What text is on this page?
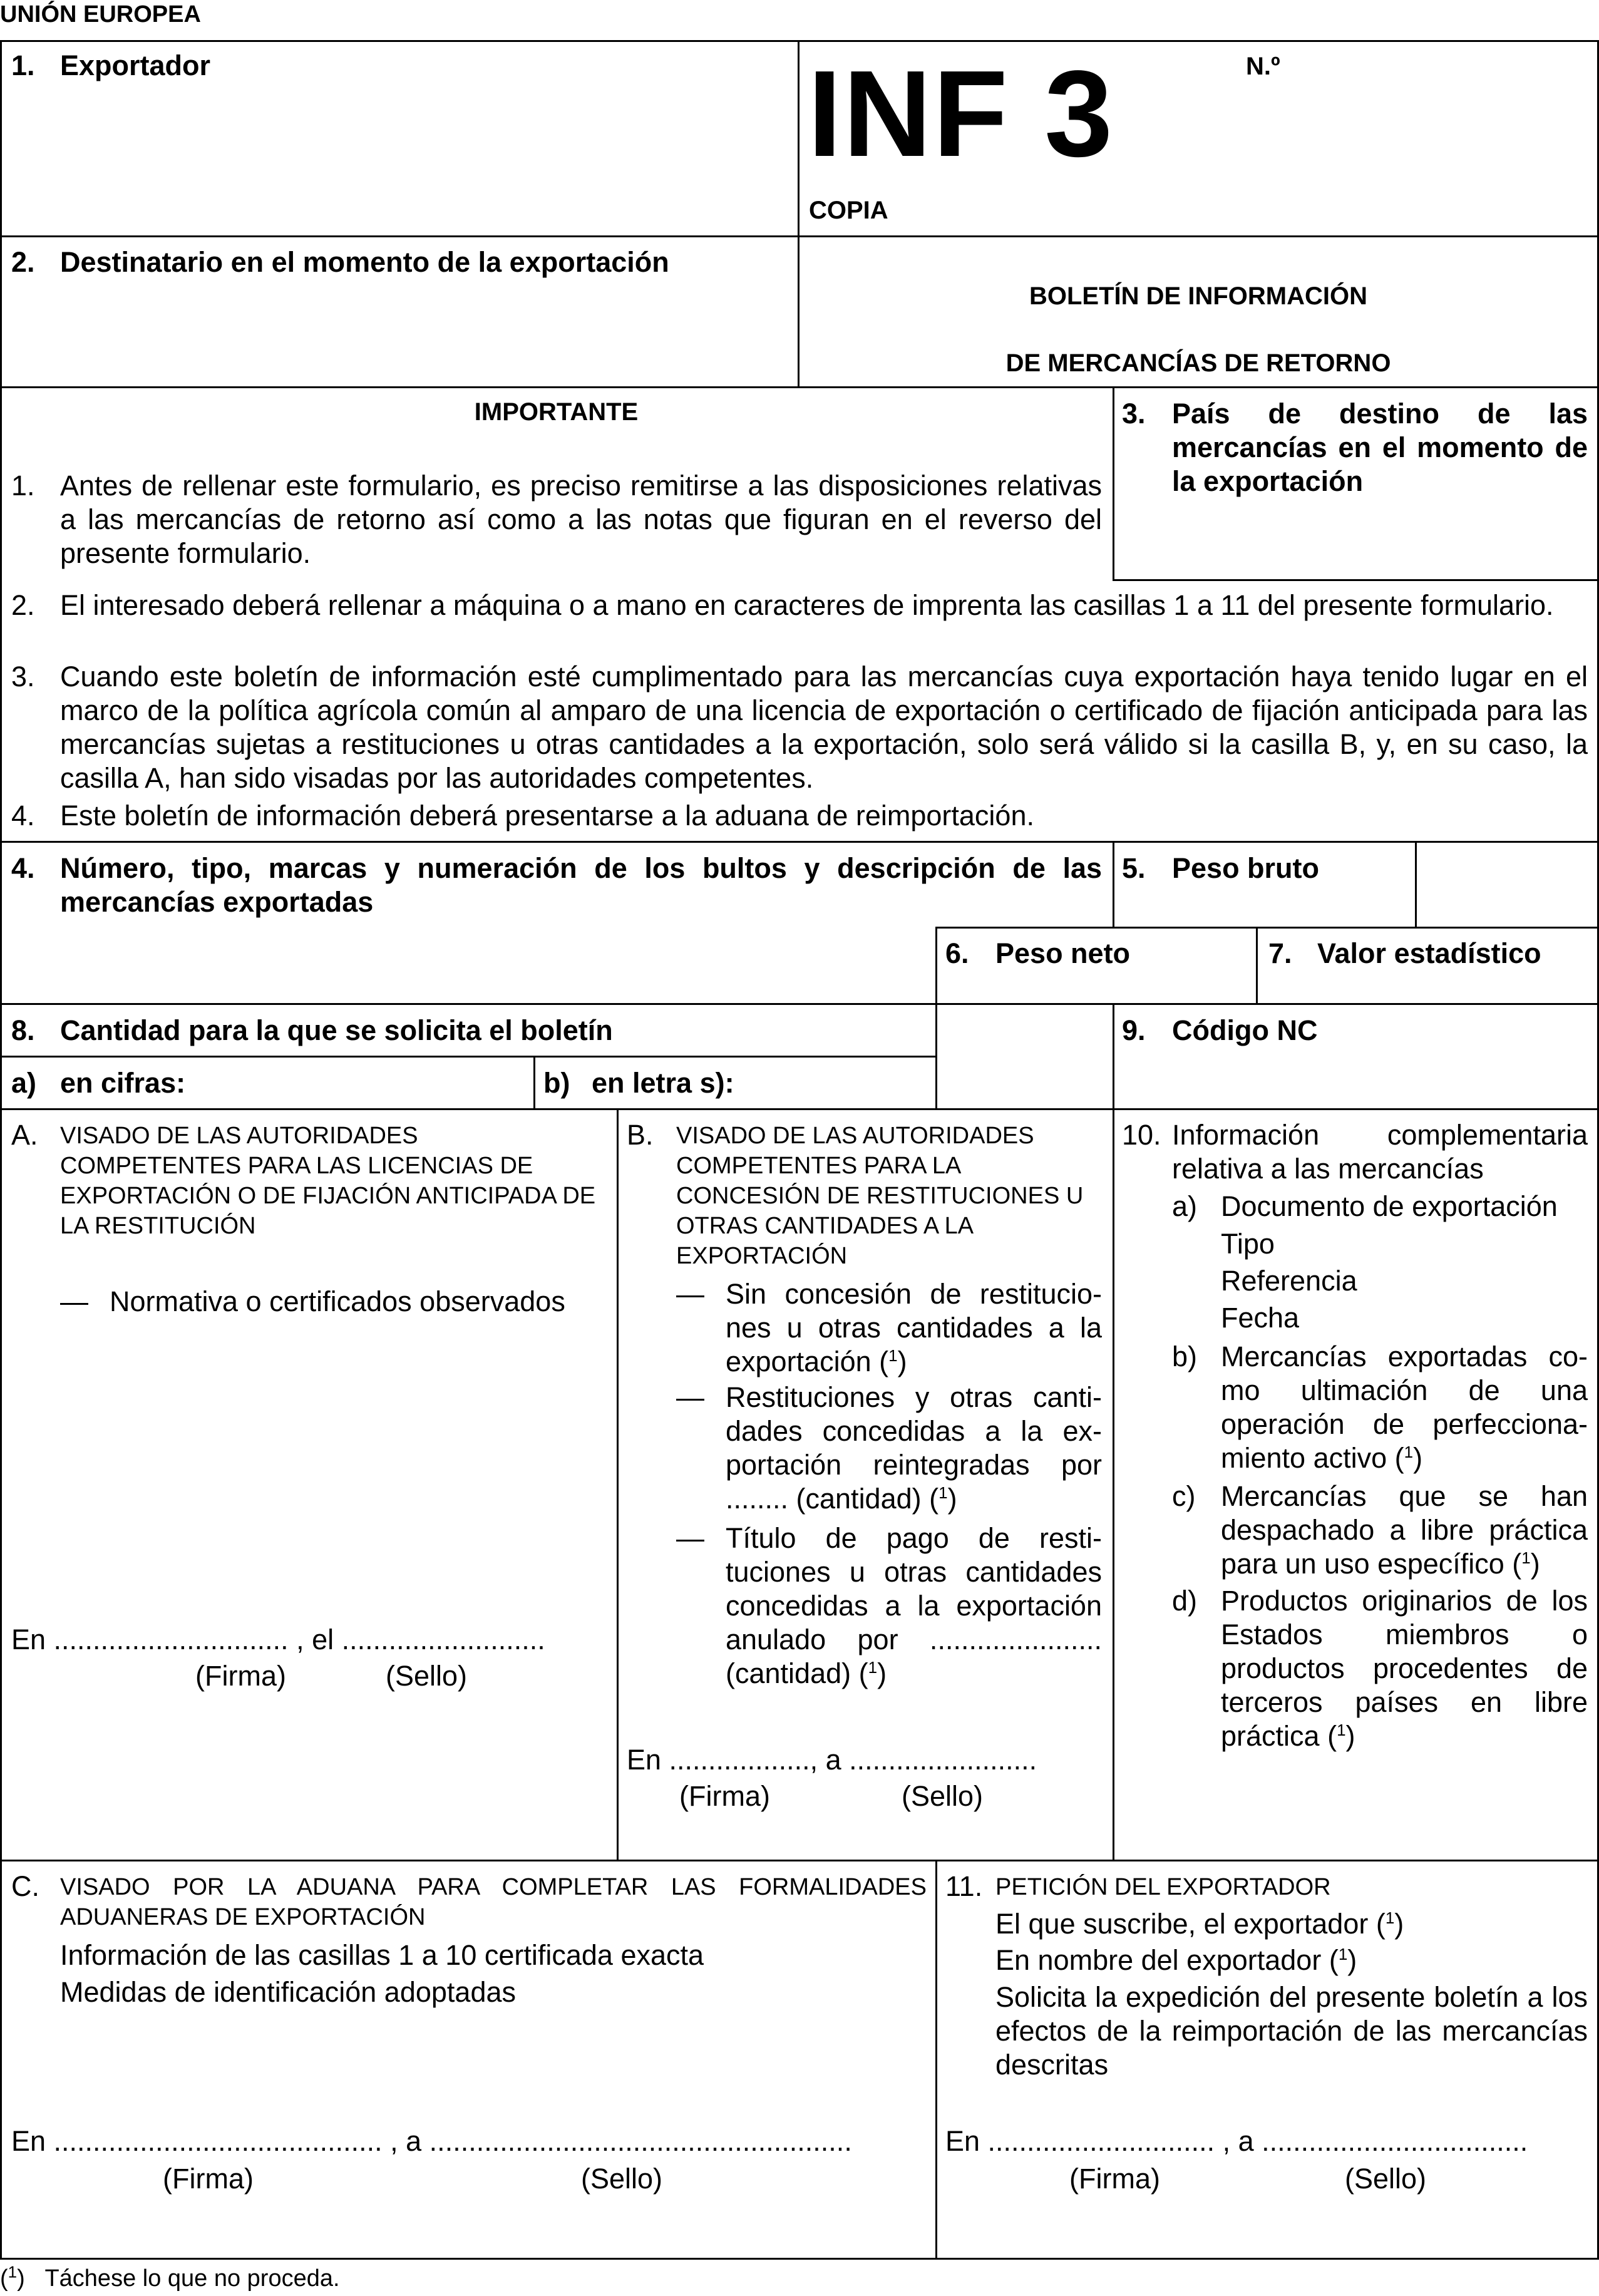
UNIÓN EUROPEA
1. Exportador	INF 3
COPIA
N.º
2. Destinatario en el momento de la exportación
BOLETÍN DE INFORMACIÓN
DE MERCANCÍAS DE RETORNO
IMPORTANTE
1. Antes de rellenar este formulario, es preciso remitirse a las disposiciones relativas a las mercancías de retorno así como a las notas que figuran en el reverso del presente formulario.
2. El interesado deberá rellenar a máquina o a mano en caracteres de imprenta las casillas 1 a 11 del presente formulario.
3. Cuando este boletín de información esté cumplimentado para las mercancías cuya exportación haya tenido lugar en el marco de la política agrícola común al amparo de una licencia de exportación o certificado de fijación anticipada para las mercancías sujetas a restituciones u otras cantidades a la exportación, solo será válido si la casilla B, y, en su caso, la casilla A, han sido visadas por las autoridades competentes.
4. Este boletín de información deberá presentarse a la aduana de reimportación.
3. País de destino de las mercancías en el momento de la exportación
4. Número, tipo, marcas y numeración de los bultos y descripción de las mercancías exportadas
5. Peso bruto
6. Peso neto	7. Valor estadístico
8. Cantidad para la que se solicita el boletín
a) en cifras:	b) en letra s):
9. Código NC
A. VISADO DE LAS AUTORIDADES COMPETENTES PARA LAS LICENCIAS DE EXPORTACIÓN O DE FIJACIÓN ANTICIPADA DE LA RESTITUCIÓN
— Normativa o certificados observados
En .............................. , el ..........................
(Firma)	(Sello)
B. VISADO DE LAS AUTORIDADES COMPETENTES PARA LA CONCESIÓN DE RESTITUCIONES U OTRAS CANTIDADES A LA EXPORTACIÓN
— Sin concesión de restitucio-nes u otras cantidades a la exportación ($^1$)
— Restituciones y otras canti-dades concedidas a la ex-portación reintegradas por ........ (cantidad) ($^1$)
— Título de pago de resti-tuciones u otras cantidades concedidas a la exportación anulado por ...................... (cantidad) ($^1$)
En .................., a ........................
(Firma)	(Sello)
10. Información complementaria relativa a las mercancías
a) Documento de exportación
Tipo
Referencia
Fecha
b) Mercancías exportadas co-mo ultimación de una operación de perfecciona-miento activo ($^1$)
c) Mercancías que se han despachado a libre práctica para un uso específico ($^1$)
d) Productos originarios de los Estados miembros o productos procedentes de terceros países en libre práctica ($^1$)
C. VISADO POR LA ADUANA PARA COMPLETAR LAS FORMALIDADES ADUANERAS DE EXPORTACIÓN
Información de las casillas 1 a 10 certificada exacta
Medidas de identificación adoptadas
En .......................................... , a ......................................................
(Firma)	(Sello)
11. PETICIÓN DEL EXPORTADOR
El que suscribe, el exportador ($^1$)
En nombre del exportador ($^1$)
Solicita la expedición del presente boletín a los efectos de la reimportación de las mercancías descritas
En ............................. , a ..................................
(Firma)	(Sello)
($^1$)   Táchese lo que no proceda.
